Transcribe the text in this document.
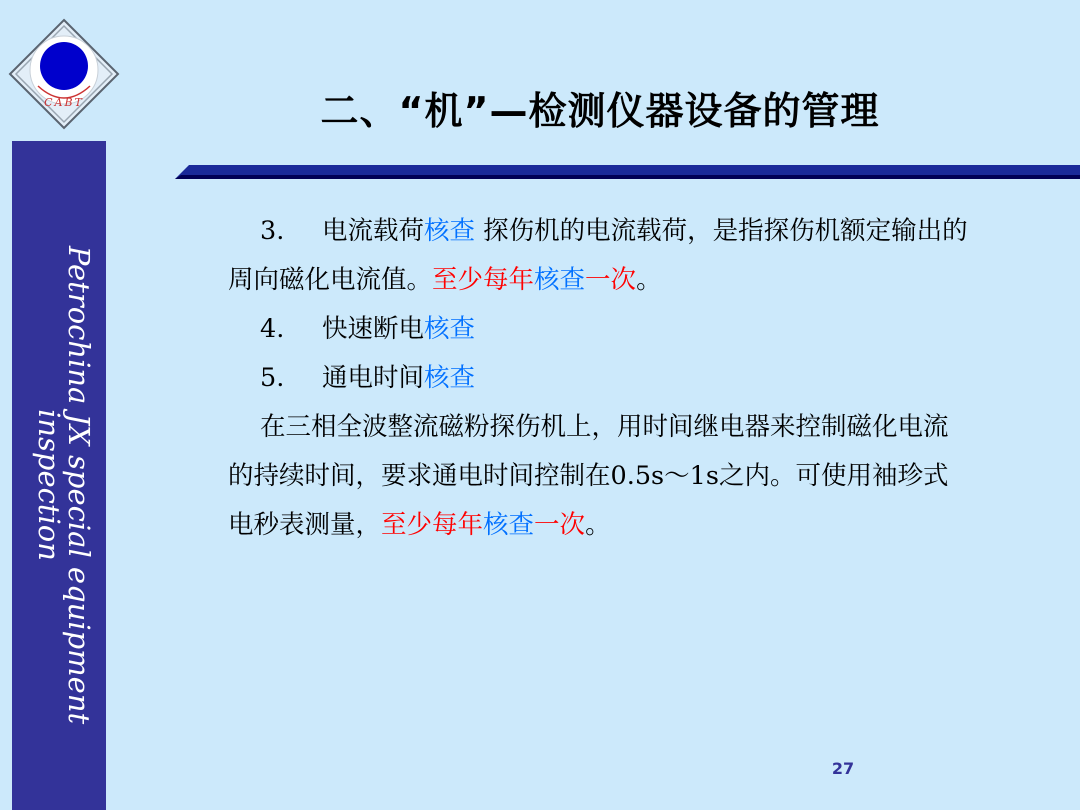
CABT
Petrochina JX special equipment
inspection
二、“机”—检测仪器设备的管理

3. 电流载荷核查 探伤机的电流载荷，是指探伤机额定输出的周向磁化电流值。至少每年核查一次。

4. 快速断电核查

5. 通电时间核查

在三相全波整流磁粉探伤机上，用时间继电器来控制磁化电流的持续时间，要求通电时间控制在0.5s～1s之内。可使用袖珍式电秒表测量，至少每年核查一次。

27
